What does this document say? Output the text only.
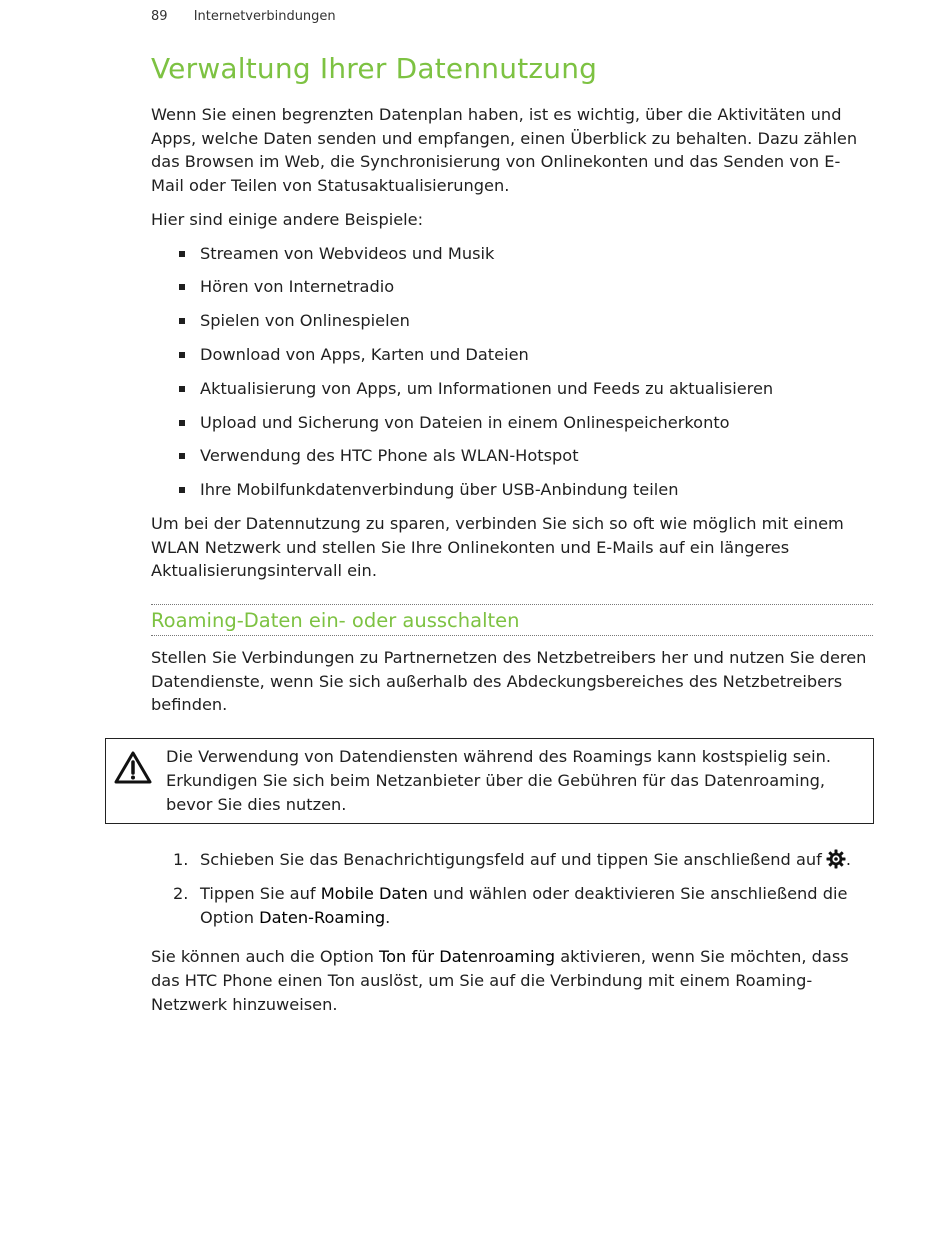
89 Internetverbindungen
Verwaltung Ihrer Datennutzung

Wenn Sie einen begrenzten Datenplan haben, ist es wichtig, über die Aktivitäten und Apps, welche Daten senden und empfangen, einen Überblick zu behalten. Dazu zählen das Browsen im Web, die Synchronisierung von Onlinekonten und das Senden von E-Mail oder Teilen von Statusaktualisierungen.

Hier sind einige andere Beispiele:

Streamen von Webvideos und Musik
Hören von Internetradio
Spielen von Onlinespielen
Download von Apps, Karten und Dateien
Aktualisierung von Apps, um Informationen und Feeds zu aktualisieren
Upload und Sicherung von Dateien in einem Onlinespeicherkonto
Verwendung des HTC Phone als WLAN-Hotspot
Ihre Mobilfunkdatenverbindung über USB-Anbindung teilen

Um bei der Datennutzung zu sparen, verbinden Sie sich so oft wie möglich mit einem WLAN Netzwerk und stellen Sie Ihre Onlinekonten und E-Mails auf ein längeres Aktualisierungsintervall ein.

Roaming-Daten ein- oder ausschalten

Stellen Sie Verbindungen zu Partnernetzen des Netzbetreibers her und nutzen Sie deren Datendienste, wenn Sie sich außerhalb des Abdeckungsbereiches des Netzbetreibers befinden.

Die Verwendung von Datendiensten während des Roamings kann kostspielig sein. Erkundigen Sie sich beim Netzanbieter über die Gebühren für das Datenroaming, bevor Sie dies nutzen.

1. Schieben Sie das Benachrichtigungsfeld auf und tippen Sie anschließend auf .
2. Tippen Sie auf Mobile Daten und wählen oder deaktivieren Sie anschließend die Option Daten-Roaming.

Sie können auch die Option Ton für Datenroaming aktivieren, wenn Sie möchten, dass das HTC Phone einen Ton auslöst, um Sie auf die Verbindung mit einem Roaming-Netzwerk hinzuweisen.
